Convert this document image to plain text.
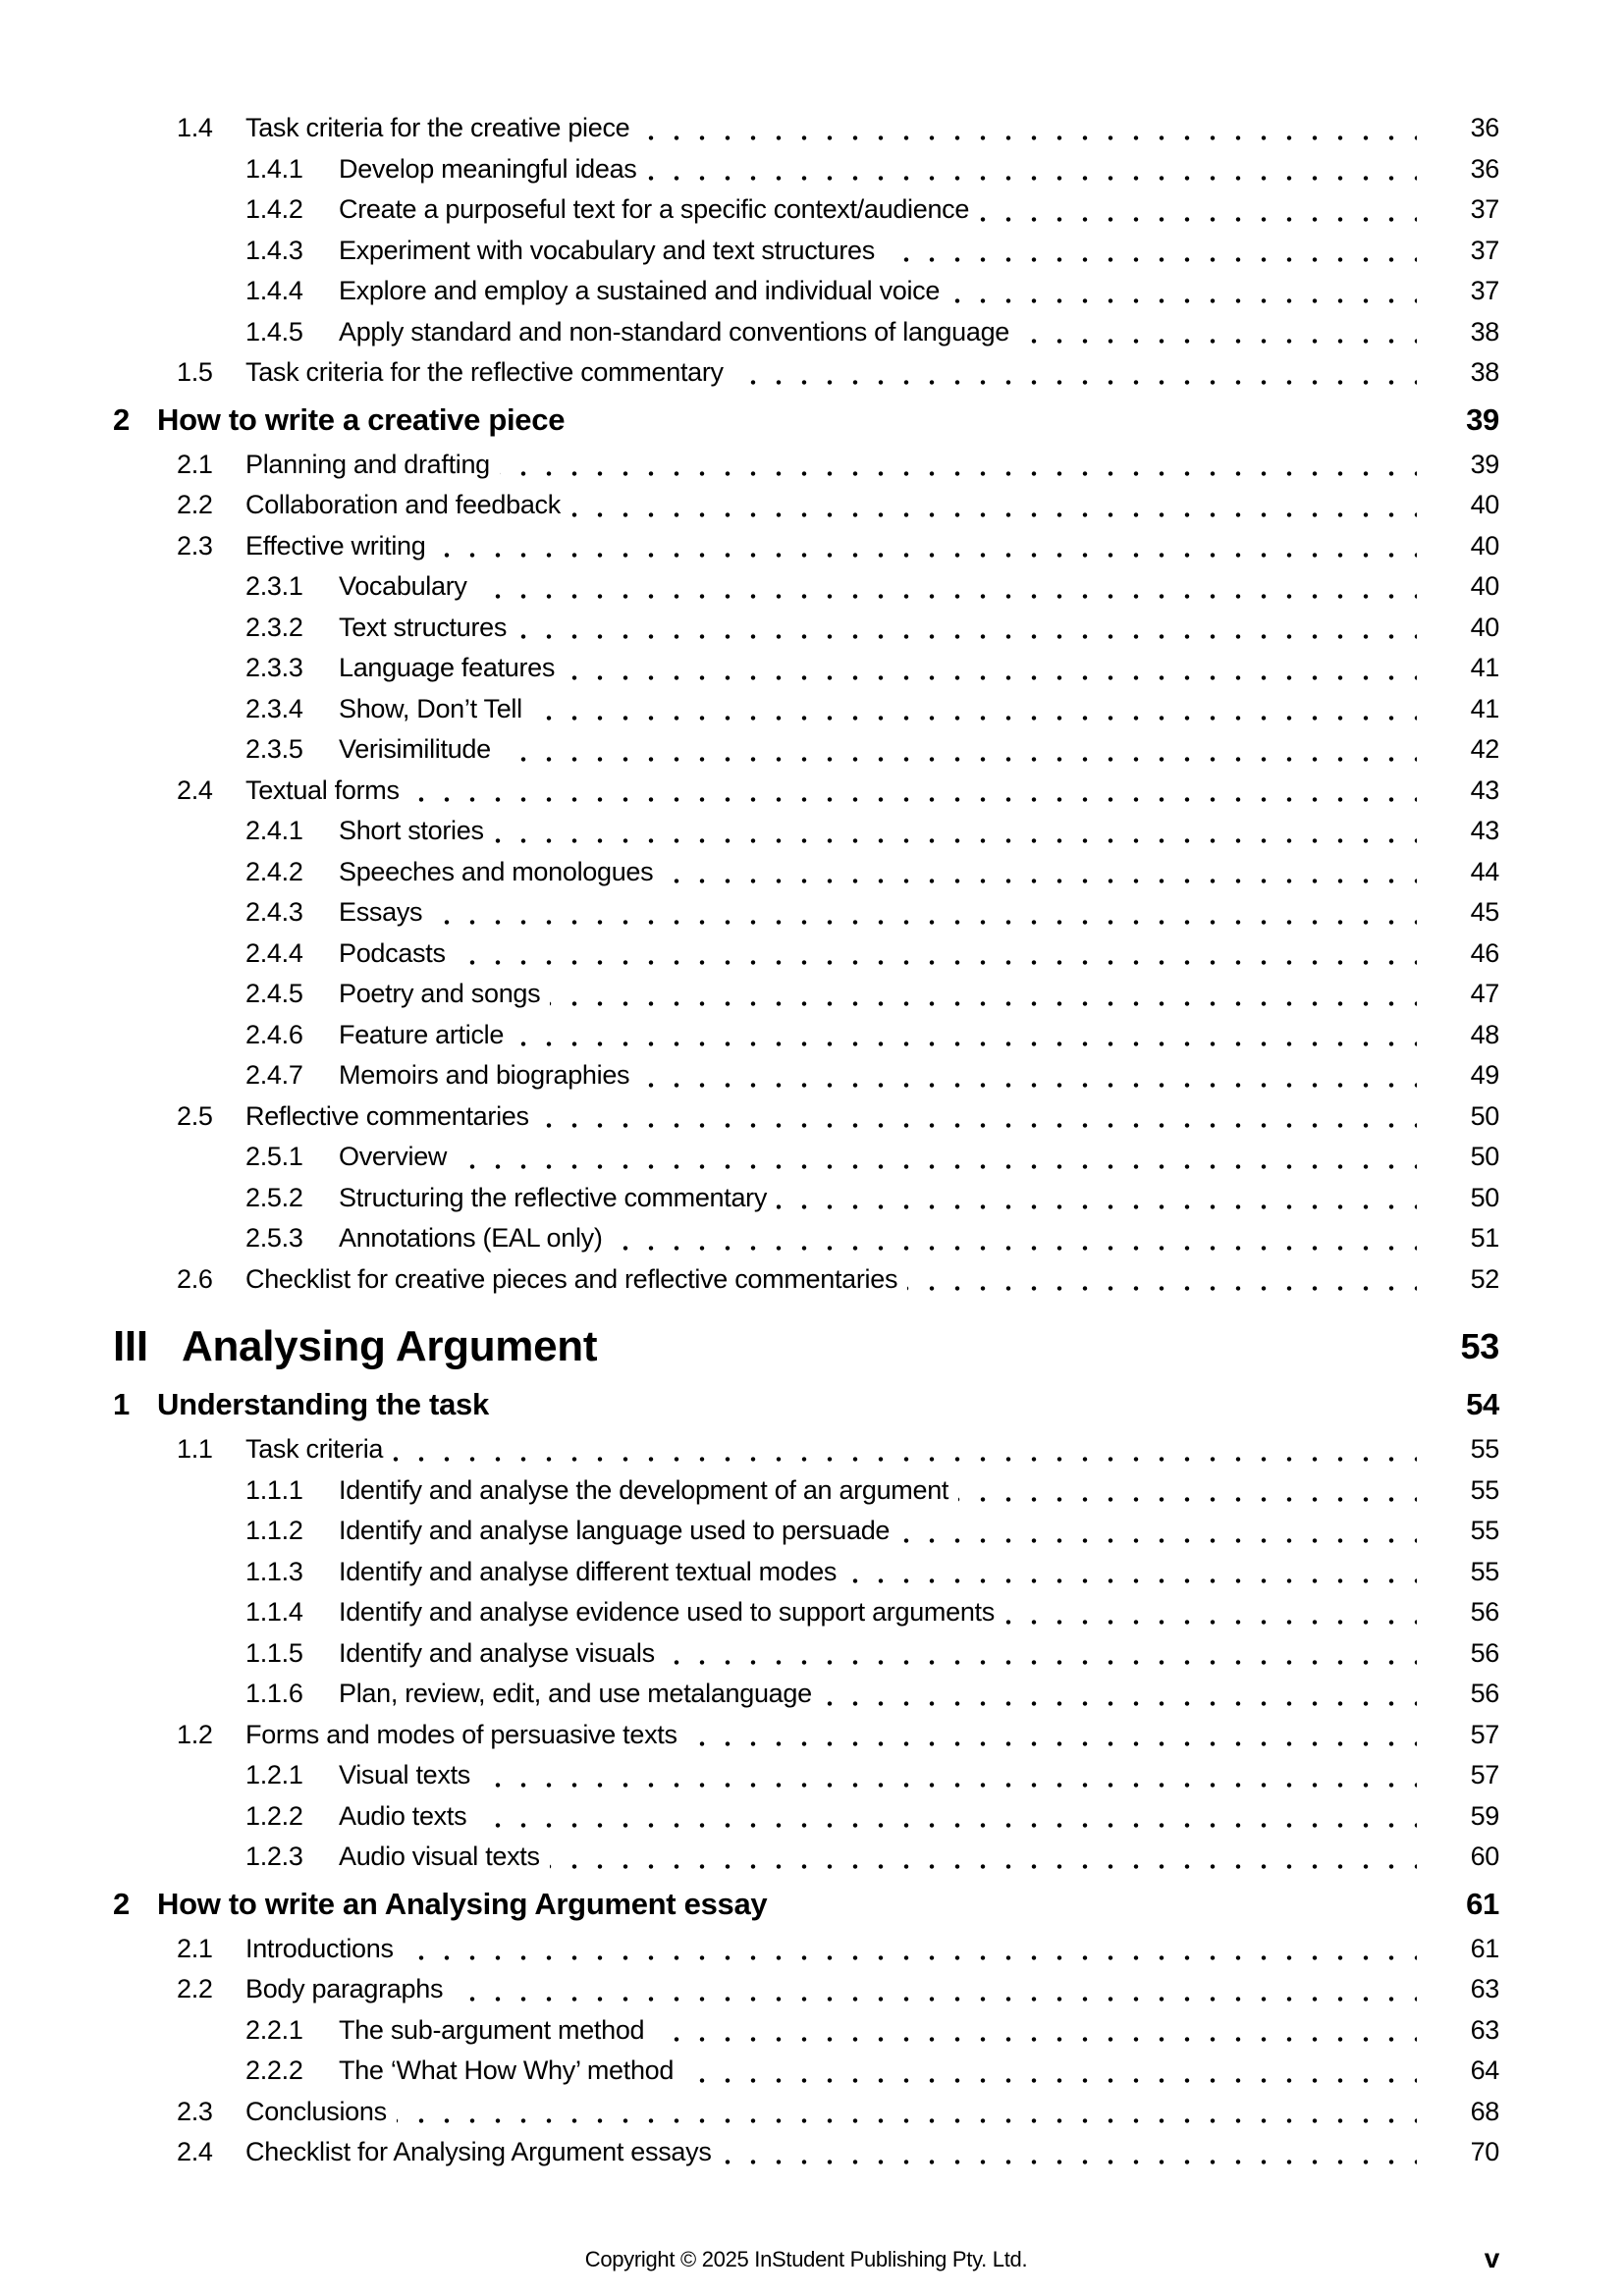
1.4	Task criteria for the creative piece	36
1.4.1	Develop meaningful ideas	36
1.4.2	Create a purposeful text for a specific context/audience	37
1.4.3	Experiment with vocabulary and text structures	37
1.4.4	Explore and employ a sustained and individual voice	37
1.4.5	Apply standard and non-standard conventions of language	38
1.5	Task criteria for the reflective commentary	38
2 How to write a creative piece	39
2.1	Planning and drafting	39
2.2	Collaboration and feedback	40
2.3	Effective writing	40
2.3.1	Vocabulary	40
2.3.2	Text structures	40
2.3.3	Language features	41
2.3.4	Show, Don’t Tell	41
2.3.5	Verisimilitude	42
2.4	Textual forms	43
2.4.1	Short stories	43
2.4.2	Speeches and monologues	44
2.4.3	Essays	45
2.4.4	Podcasts	46
2.4.5	Poetry and songs	47
2.4.6	Feature article	48
2.4.7	Memoirs and biographies	49
2.5	Reflective commentaries	50
2.5.1	Overview	50
2.5.2	Structuring the reflective commentary	50
2.5.3	Annotations (EAL only)	51
2.6	Checklist for creative pieces and reflective commentaries	52
III Analysing Argument	53
1 Understanding the task	54
1.1	Task criteria	55
1.1.1	Identify and analyse the development of an argument	55
1.1.2	Identify and analyse language used to persuade	55
1.1.3	Identify and analyse different textual modes	55
1.1.4	Identify and analyse evidence used to support arguments	56
1.1.5	Identify and analyse visuals	56
1.1.6	Plan, review, edit, and use metalanguage	56
1.2	Forms and modes of persuasive texts	57
1.2.1	Visual texts	57
1.2.2	Audio texts	59
1.2.3	Audio visual texts	60
2 How to write an Analysing Argument essay	61
2.1	Introductions	61
2.2	Body paragraphs	63
2.2.1	The sub-argument method	63
2.2.2	The ‘What How Why’ method	64
2.3	Conclusions	68
2.4	Checklist for Analysing Argument essays	70
Copyright © 2025 InStudent Publishing Pty. Ltd.	v
